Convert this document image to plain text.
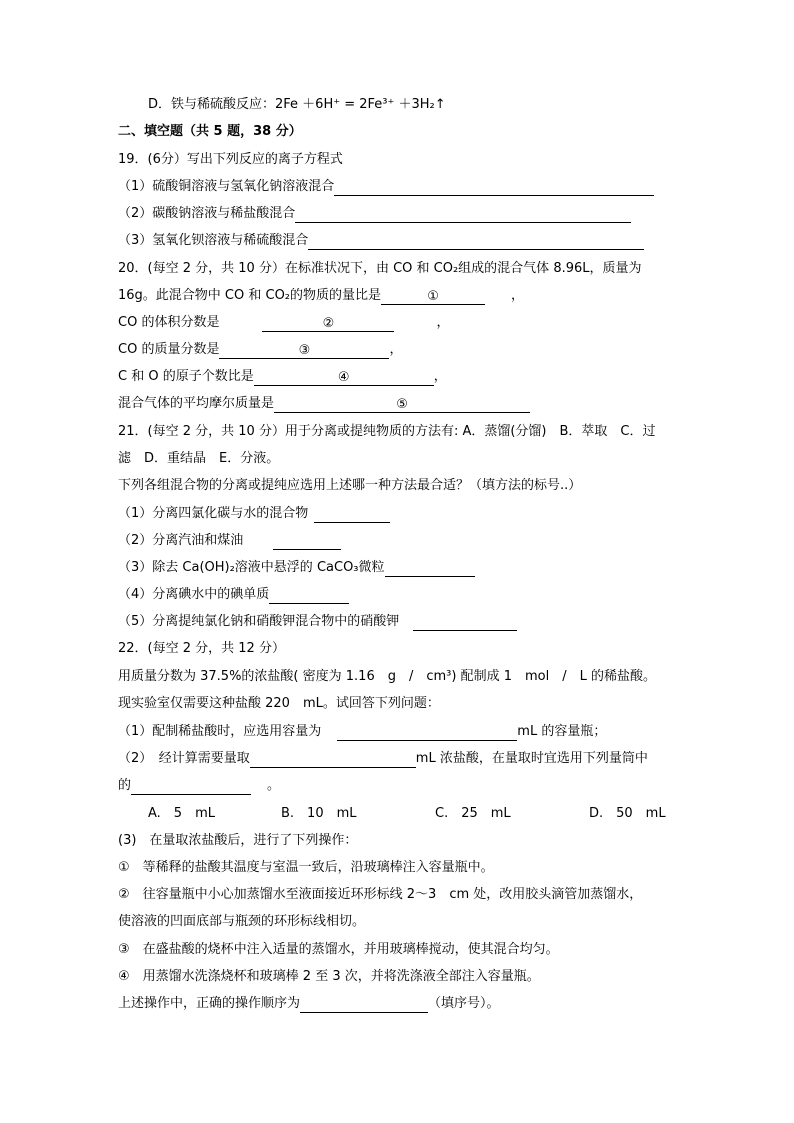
D．铁与稀硫酸反应：2Fe ＋6H⁺ = 2Fe³⁺ ＋3H₂↑
二、填空题（共 5 题，38 分）
19．(6分）写出下列反应的离子方程式
（1）硫酸铜溶液与氢氧化钠溶液混合
（2）碳酸钠溶液与稀盐酸混合
（3）氢氧化钡溶液与稀硫酸混合
20．(每空 2 分，共 10 分）在标准状况下，由 CO 和 CO₂组成的混合气体 8.96L，质量为
16g。此混合物中 CO 和 CO₂的物质的量比是	①	，
CO 的体积分数是	②	，
CO 的质量分数是	③	，
C 和 O 的原子个数比是	④	，
混合气体的平均摩尔质量是	⑤
21．(每空 2 分，共 10 分）用于分离或提纯物质的方法有: A．蒸馏(分馏)　B．萃取　C．过
滤　D．重结晶　E．分液。
下列各组混合物的分离或提纯应选用上述哪一种方法最合适？（填方法的标号..）
（1）分离四氯化碳与水的混合物
（2）分离汽油和煤油
（3）除去 Ca(OH)₂溶液中悬浮的 CaCO₃微粒
（4）分离碘水中的碘单质
（5）分离提纯氯化钠和硝酸钾混合物中的硝酸钾
22．(每空 2 分，共 12 分）
用质量分数为 37.5%的浓盐酸( 密度为 1.16　g　/　cm³) 配制成 1　mol　/　L 的稀盐酸。
现实验室仅需要这种盐酸 220　mL。试回答下列问题：
（1）配制稀盐酸时，应选用容量为	mL 的容量瓶；
（2）　经计算需要量取	mL 浓盐酸，在量取时宜选用下列量筒中
的	。
A.　5　mL	B.　10　mL	C.　25　mL	D.　50　mL
(3)　在量取浓盐酸后，进行了下列操作：
①　等稀释的盐酸其温度与室温一致后，沿玻璃棒注入容量瓶中。
②　往容量瓶中小心加蒸馏水至液面接近环形标线 2～3　cm 处，改用胶头滴管加蒸馏水，
使溶液的凹面底部与瓶颈的环形标线相切。
③　在盛盐酸的烧杯中注入适量的蒸馏水，并用玻璃棒搅动，使其混合均匀。
④　用蒸馏水洗涤烧杯和玻璃棒 2 至 3 次，并将洗涤液全部注入容量瓶。
上述操作中，正确的操作顺序为	（填序号）。
